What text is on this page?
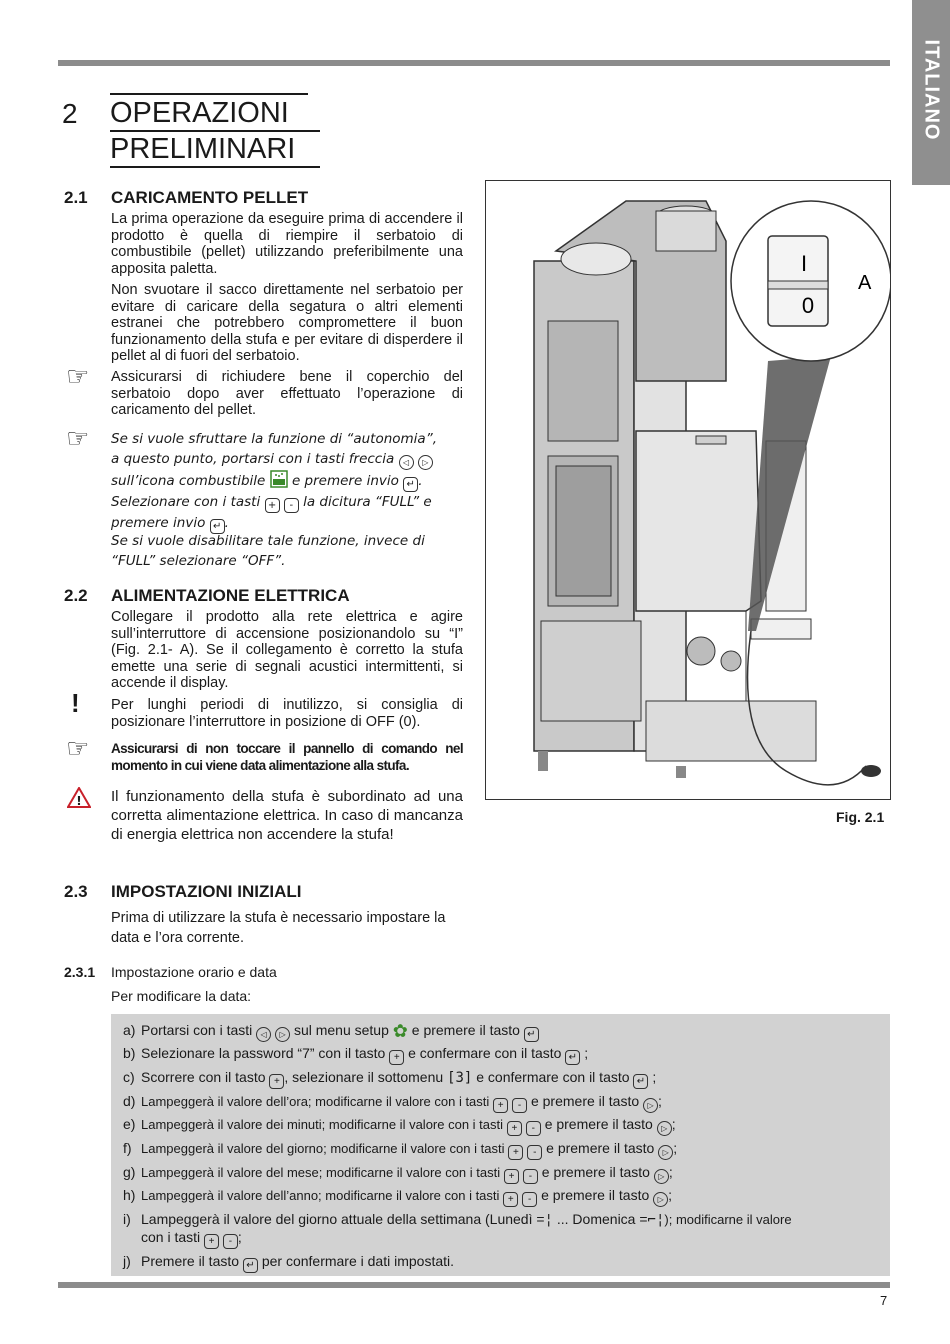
ITALIANO
2 OPERAZIONI
PRELIMINARI
2.1 CARICAMENTO PELLET
La prima operazione da eseguire prima di accendere il prodotto è quella di riempire il serbatoio di combustibile (pellet) utilizzando preferibilmente una apposita paletta.
Non svuotare il sacco direttamente nel serbatoio per evitare di caricare della segatura o altri elementi estranei che potrebbero compromettere il buon funzionamento della stufa e per evitare di disperdere il pellet al di fuori del serbatoio.
☞ Assicurarsi di richiudere bene il coperchio del serbatoio dopo aver effettuato l’operazione di caricamento del pellet.
☞ Se si vuole sfruttare la funzione di “autonomia”,
a questo punto, portarsi con i tasti freccia ◁ ▷
sull’icona combustibile e premere invio ↵ .
Selezionare con i tasti + - la dicitura “FULL” e
premere invio ↵ .
Se si vuole disabilitare tale funzione, invece di “FULL” selezionare “OFF”.
2.2 ALIMENTAZIONE ELETTRICA
Collegare il prodotto alla rete elettrica e agire sull’interruttore di accensione posizionandolo su “I” (Fig. 2.1- A). Se il collegamento è corretto la stufa emette una serie di segnali acustici intermittenti, si accende il display.
! Per lunghi periodi di inutilizzo, si consiglia di posizionare l’interruttore in posizione di OFF (0).
☞ Assicurarsi di non toccare il pannello di comando nel momento in cui viene data alimentazione alla stufa.
! Il funzionamento della stufa è subordinato ad una corretta alimentazione elettrica. In caso di mancanza di energia elettrica non accendere la stufa!
I
0
A
Fig. 2.1
2.3 IMPOSTAZIONI INIZIALI
Prima di utilizzare la stufa è necessario impostare la data e l’ora corrente.
2.3.1 Impostazione orario e data
Per modificare la data:
a) Portarsi con i tasti ◁ ▷ sul menu setup ✿ e premere il tasto ↵
b) Selezionare la password “7” con il tasto + e confermare con il tasto ↵ ;
c) Scorrere con il tasto + , selezionare il sottomenu [3] e confermare con il tasto ↵ ;
d) Lampeggerà il valore dell’ora; modificarne il valore con i tasti + - e premere il tasto ▷ ;
e) Lampeggerà il valore dei minuti; modificarne il valore con i tasti + - e premere il tasto ▷ ;
f) Lampeggerà il valore del giorno; modificarne il valore con i tasti + - e premere il tasto ▷ ;
g) Lampeggerà il valore del mese; modificarne il valore con i tasti + - e premere il tasto ▷ ;
h) Lampeggerà il valore dell’anno; modificarne il valore con i tasti + - e premere il tasto ▷ ;
i) Lampeggerà il valore del giorno attuale della settimana (Lunedì =¦ ... Domenica =⌐¦); modificarne il valore
con i tasti + - ;
j) Premere il tasto ↵ per confermare i dati impostati.
7
